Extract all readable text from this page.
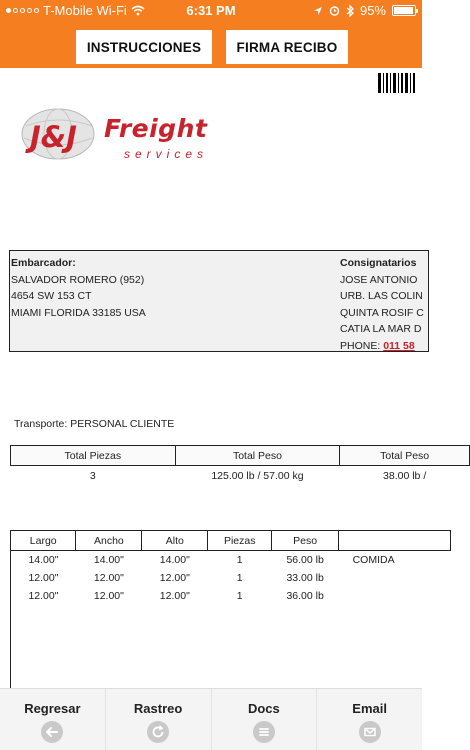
T-Mobile Wi-Fi	6:31 PM	95%
INSTRUCCIONES	FIRMA RECIBO
J&J Freight
services
Embarcador:
SALVADOR ROMERO (952)
4654 SW 153 CT
MIAMI FLORIDA 33185 USA
Consignatarios
JOSE ANTONIO
URB. LAS COLIN
QUINTA ROSIF C
CATIA LA MAR D
PHONE: 011 58
Transporte: PERSONAL CLIENTE
Total Piezas	Total Peso	Total Peso
3	125.00 lb / 57.00 kg	38.00 lb /
Largo	Ancho	Alto	Piezas	Peso	
14.00"	14.00"	14.00"	1	56.00 lb	COMIDA
12.00"	12.00"	12.00"	1	33.00 lb	
12.00"	12.00"	12.00"	1	36.00 lb	
Regresar	Rastreo	Docs	Email
